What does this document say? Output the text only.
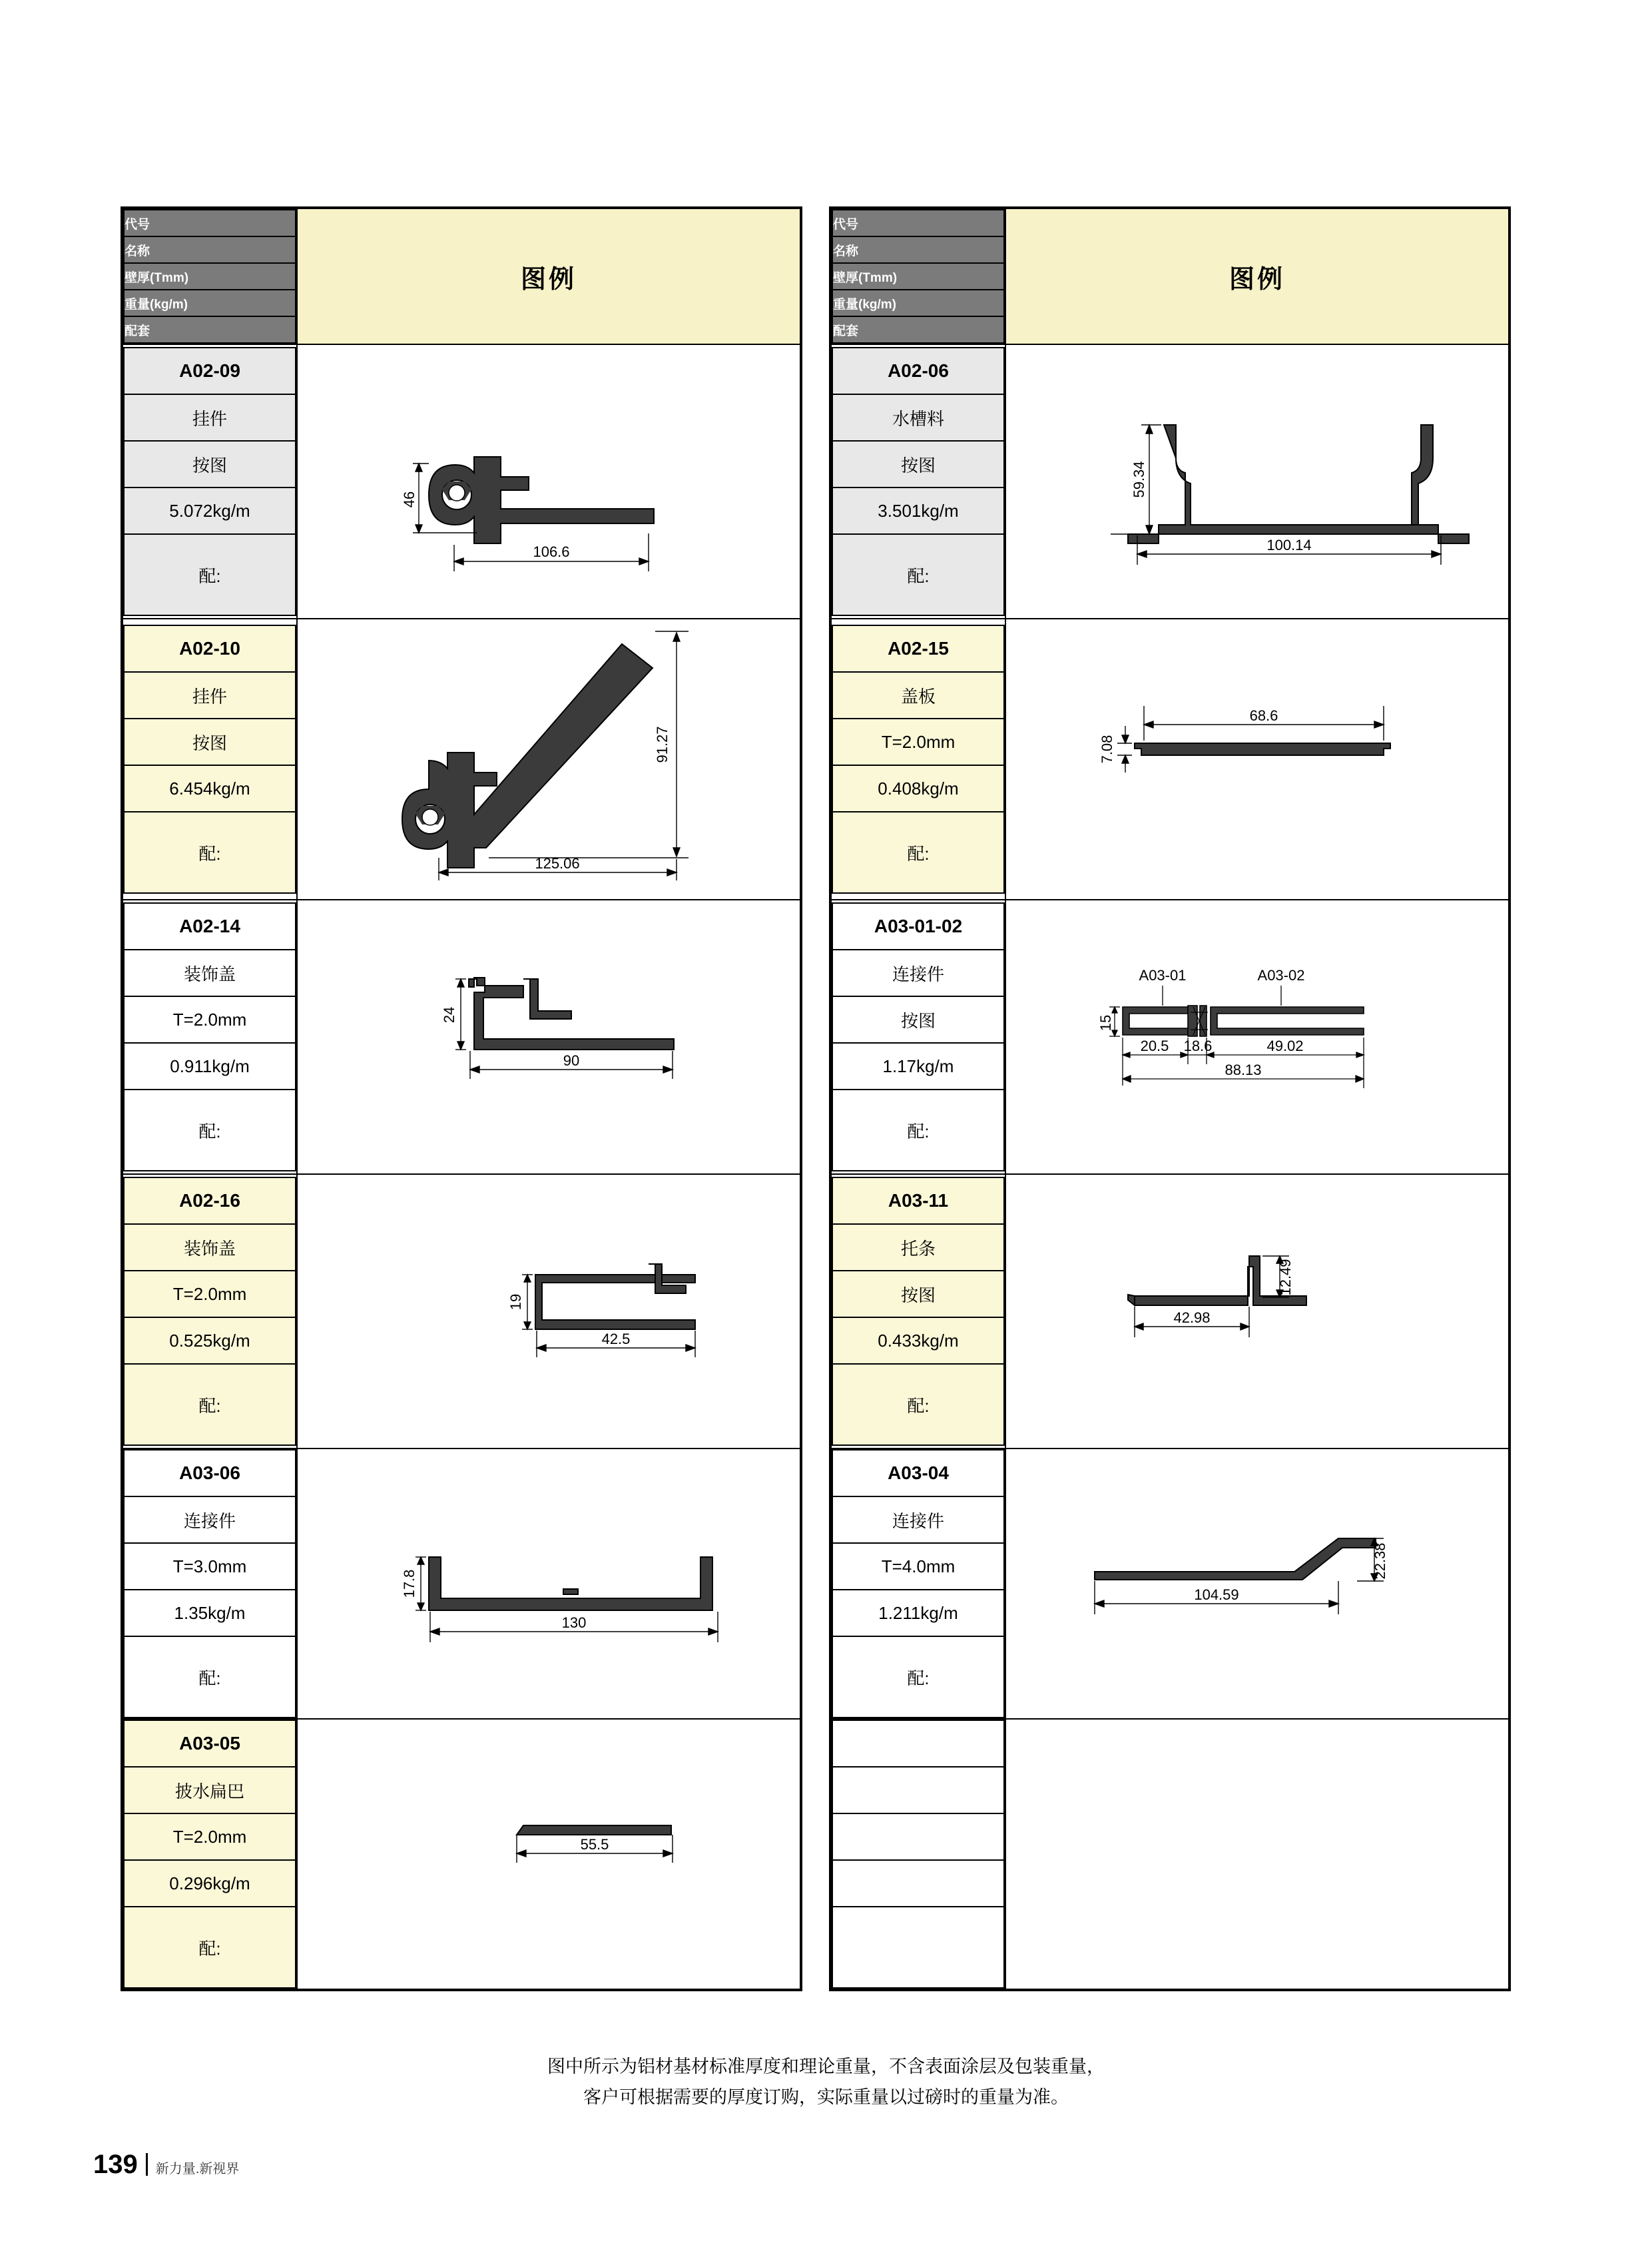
代号
名称
壁厚(Tmm)
重量(kg/m)
配套
	图例

A02-09
挂件
按图
5.072kg/m
配:

46
106.6

A02-10
挂件
按图
6.454kg/m
配:

91.27
125.06

A02-14
装饰盖
T=2.0mm
0.911kg/m
配:

24
90

A02-16
装饰盖
T=2.0mm
0.525kg/m
配:

19
42.5

A03-06
连接件
T=3.0mm
1.35kg/m
配:

17.8
130

A03-05
披水扁巴
T=2.0mm
0.296kg/m
配:

55.5
代号
名称
壁厚(Tmm)
重量(kg/m)
配套
	图例

A02-06
水槽料
按图
3.501kg/m
配:

59.34
100.14

A02-15
盖板
T=2.0mm
0.408kg/m
配:

7.08
68.6

A03-01-02
连接件
按图
1.17kg/m
配:

15
20.5 18.6	49.02
88.13
A03-01	A03-02

A03-11
托条
按图
0.433kg/m
配:

12.49
42.98

A03-04
连接件
T=4.0mm
1.211kg/m
配:

22.38
104.59

图中所示为铝材基材标准厚度和理论重量，不含表面涂层及包装重量，
客户可根据需要的厚度订购，实际重量以过磅时的重量为准。
139 新力量.新视界
